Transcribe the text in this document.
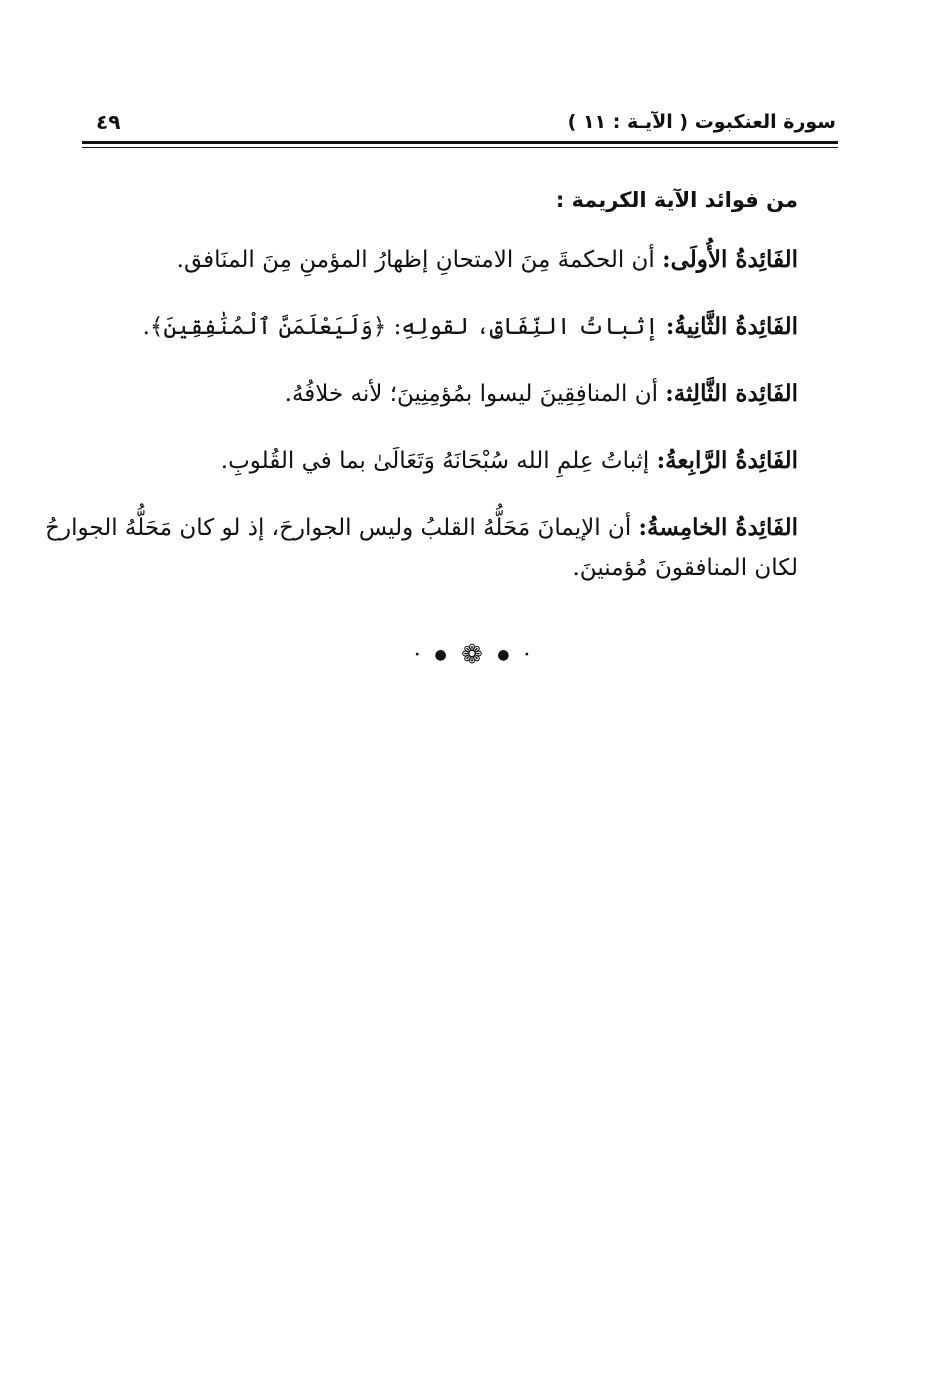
سورة العنكبوت ( الآيـة : ١١ )
٤٩
من فوائد الآية الكريمة :

الفَائِدةُ الأُولَى: أن الحكمةَ مِنَ الامتحانِ إظهارُ المؤمنِ مِنَ المنَافق.

الفَائِدةُ الثَّانِيةُ: إثباتُ النِّفَاقِ، لقولِهِ: ﴿وَلَيَعْلَمَنَّ ٱلْمُنَٰفِقِينَ﴾.

الفَائِدة الثَّالِثة: أن المنافِقِينَ ليسوا بمُؤمِنِينَ؛ لأنه خلافُهُ.

الفَائِدةُ الرَّابِعةُ: إثباتُ عِلمِ الله سُبْحَانَهُ وَتَعَالَىٰ بما في القُلوبِ.

الفَائِدةُ الخامِسةُ: أن الإيمانَ مَحَلُّهُ القلبُ وليس الجوارحَ، إذ لو كان مَحَلُّهُ الجوارحُ لكان المنافقونَ مُؤمنينَ.

• ● ❁ ● •
